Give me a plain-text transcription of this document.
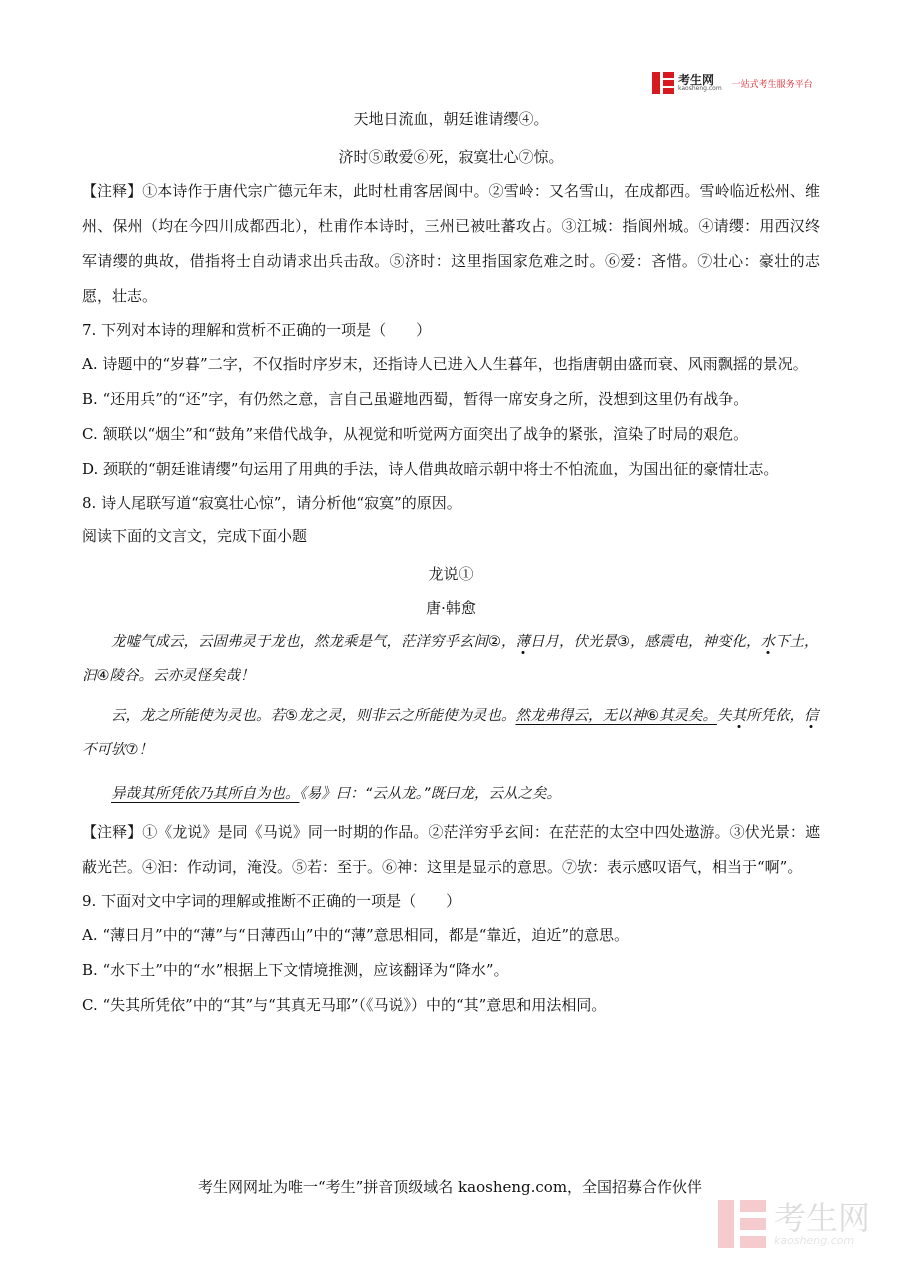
考生网
kaosheng.com 一站式考生服务平台
天地日流血，朝廷谁请缨④。
济时⑤敢爱⑥死，寂寞壮心⑦惊。

【注释】①本诗作于唐代宗广德元年末，此时杜甫客居阆中。②雪岭：又名雪山，在成都西。雪岭临近松州、维州、保州（均在今四川成都西北），杜甫作本诗时，三州已被吐蕃攻占。③江城：指阆州城。④请缨：用西汉终军请缨的典故，借指将士自动请求出兵击敌。⑤济时：这里指国家危难之时。⑥爱：吝惜。⑦壮心：豪壮的志愿，壮志。

7. 下列对本诗的理解和赏析不正确的一项是（　　）

A. 诗题中的“岁暮”二字，不仅指时序岁末，还指诗人已进入人生暮年，也指唐朝由盛而衰、风雨飘摇的景况。

B. “还用兵”的“还”字，有仍然之意，言自己虽避地西蜀，暂得一席安身之所，没想到这里仍有战争。

C. 颔联以“烟尘”和“鼓角”来借代战争，从视觉和听觉两方面突出了战争的紧张，渲染了时局的艰危。

D. 颈联的“朝廷谁请缨”句运用了用典的手法，诗人借典故暗示朝中将士不怕流血，为国出征的豪情壮志。

8. 诗人尾联写道“寂寞壮心惊”，请分析他“寂寞”的原因。

阅读下面的文言文，完成下面小题

龙说①
唐·韩愈

龙嘘气成云，云固弗灵于龙也，然龙乘是气，茫洋穷乎玄间②，薄日月，伏光景③，感震电，神变化，水下土，汩④陵谷。云亦灵怪矣哉！

云，龙之所能使为灵也。若⑤龙之灵，则非云之所能使为灵也。然龙弗得云，无以神⑥其灵矣。失其所凭依，信不可欤⑦！

异哉其所凭依乃其所自为也。《易》曰：“云从龙。”既曰龙，云从之矣。

【注释】①《龙说》是同《马说》同一时期的作品。②茫洋穷乎玄间：在茫茫的太空中四处遨游。③伏光景：遮蔽光芒。④汩：作动词，淹没。⑤若：至于。⑥神：这里是显示的意思。⑦欤：表示感叹语气，相当于“啊”。

9. 下面对文中字词的理解或推断不正确的一项是（　　）

A. “薄日月”中的“薄”与“日薄西山”中的“薄”意思相同，都是“靠近，迫近”的意思。

B. “水下土”中的“水”根据上下文情境推测，应该翻译为“降水”。

C. “失其所凭依”中的“其”与“其真无马耶”（《马说》）中的“其”意思和用法相同。

考生网网址为唯一“考生”拼音顶级域名 kaosheng.com，全国招募合作伙伴
考生网
kaosheng.com
